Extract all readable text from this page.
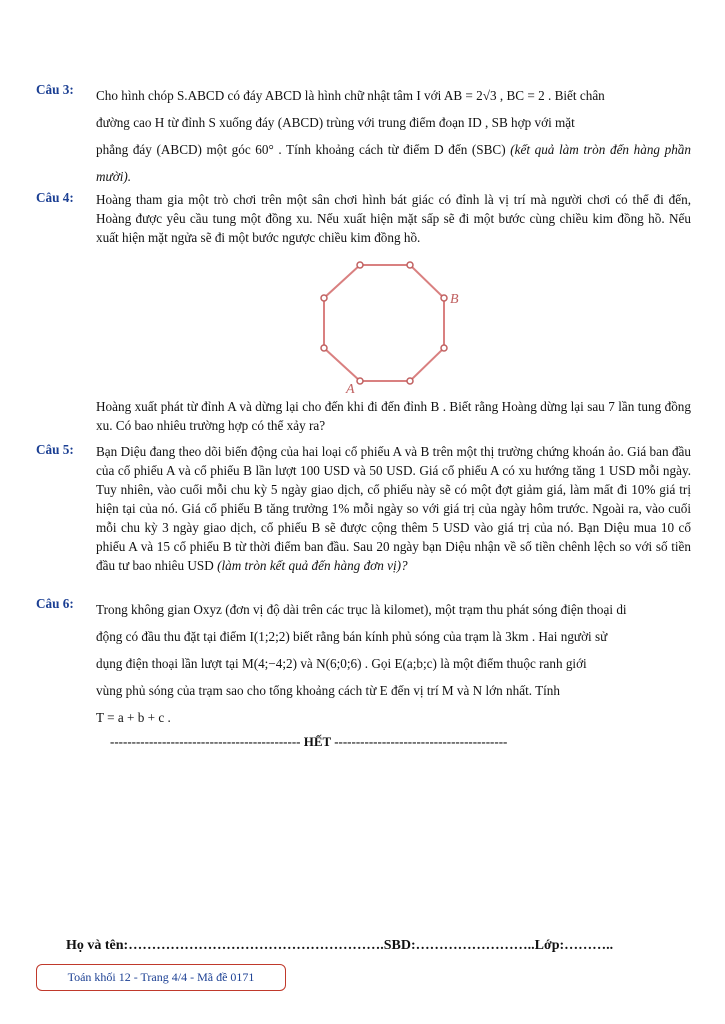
Câu 3: Cho hình chóp S.ABCD có đáy ABCD là hình chữ nhật tâm I với AB = 2√3 , BC = 2 . Biết chân

đường cao H từ đỉnh S xuống đáy (ABCD) trùng với trung điểm đoạn ID , SB hợp với mặt

phẳng đáy (ABCD) một góc 60° . Tính khoảng cách từ điểm D đến (SBC) (kết quả làm tròn đến hàng phần mười).

Câu 4: Hoàng tham gia một trò chơi trên một sân chơi hình bát giác có đỉnh là vị trí mà người chơi có thể đi đến, Hoàng được yêu cầu tung một đồng xu. Nếu xuất hiện mặt sấp sẽ đi một bước cùng chiều kim đồng hồ. Nếu xuất hiện mặt ngửa sẽ đi một bước ngược chiều kim đồng hồ.

B
A

Hoàng xuất phát từ đỉnh A và dừng lại cho đến khi đi đến đỉnh B . Biết rằng Hoàng dừng lại sau 7 lần tung đồng xu. Có bao nhiêu trường hợp có thể xảy ra?

Câu 5: Bạn Diệu đang theo dõi biến động của hai loại cổ phiếu A và B trên một thị trường chứng khoán ảo. Giá ban đầu của cổ phiếu A và cổ phiếu B lần lượt 100 USD và 50 USD. Giá cổ phiếu A có xu hướng tăng 1 USD mỗi ngày. Tuy nhiên, vào cuối mỗi chu kỳ 5 ngày giao dịch, cổ phiếu này sẽ có một đợt giảm giá, làm mất đi 10% giá trị hiện tại của nó. Giá cổ phiếu B tăng trưởng 1% mỗi ngày so với giá trị của ngày hôm trước. Ngoài ra, vào cuối mỗi chu kỳ 3 ngày giao dịch, cổ phiếu B sẽ được cộng thêm 5 USD vào giá trị của nó. Bạn Diệu mua 10 cổ phiếu A và 15 cổ phiếu B từ thời điểm ban đầu. Sau 20 ngày bạn Diệu nhận về số tiền chênh lệch so với số tiền đầu tư bao nhiêu USD (làm tròn kết quả đến hàng đơn vị)?

Câu 6: Trong không gian Oxyz (đơn vị độ dài trên các trục là kilomet), một trạm thu phát sóng điện thoại di

động có đầu thu đặt tại điểm I(1;2;2) biết rằng bán kính phủ sóng của trạm là 3km . Hai người sử

dụng điện thoại lần lượt tại M(4;−4;2) và N(6;0;6) . Gọi E(a;b;c) là một điểm thuộc ranh giới

vùng phủ sóng của trạm sao cho tổng khoảng cách từ E đến vị trí M và N lớn nhất. Tính

T = a + b + c .

-------------------------------------------- HẾT ----------------------------------------
Họ và tên:……………………………………………….SBD:……………………..Lớp:………..
Toán khối 12 - Trang 4/4 - Mã đề 0171
